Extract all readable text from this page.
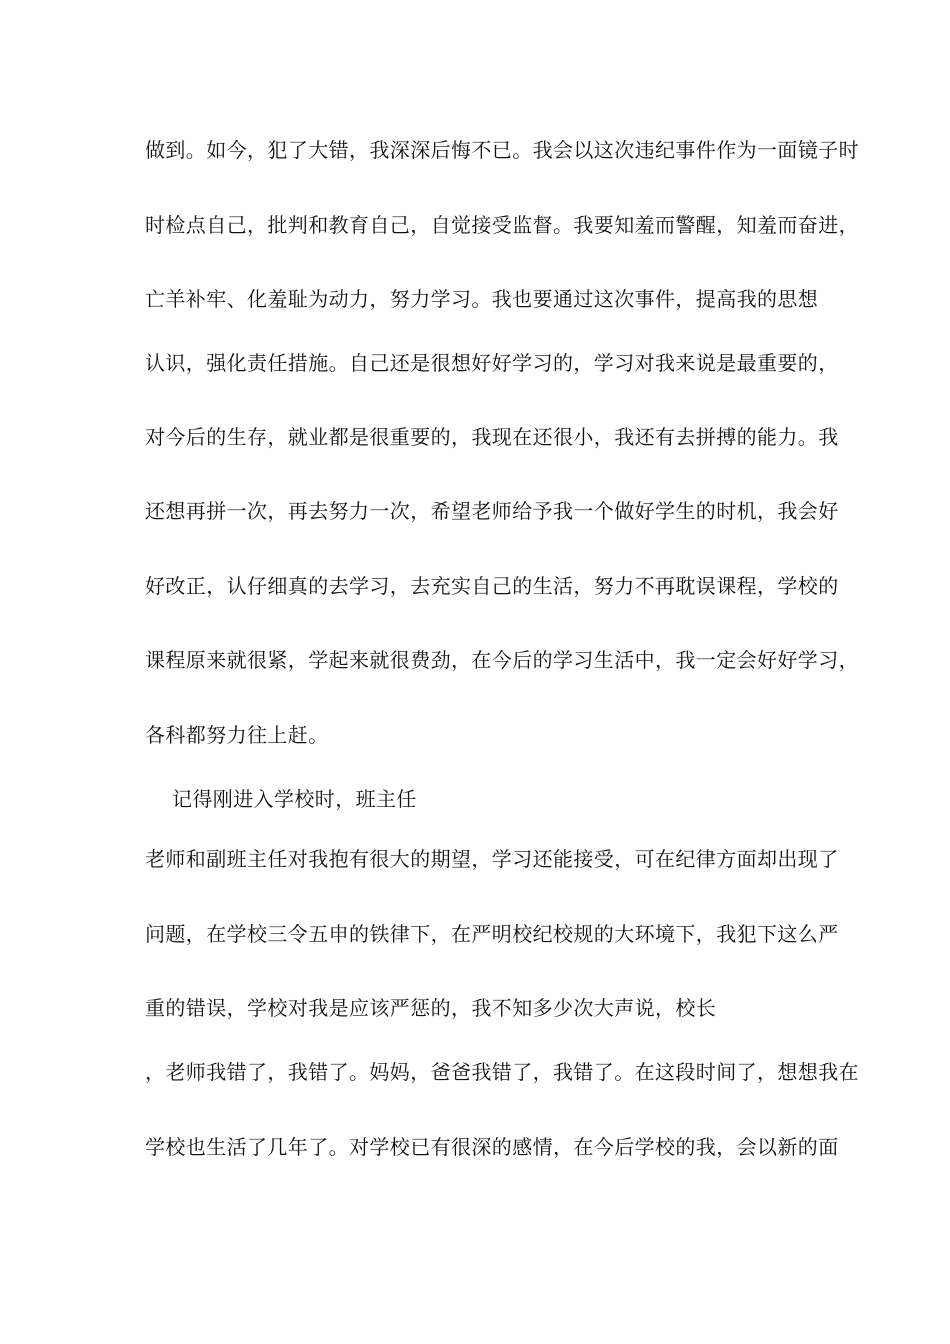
做到。如今，犯了大错，我深深后悔不已。我会以这次违纪事件作为一面镜子时
时检点自己，批判和教育自己，自觉接受监督。我要知羞而警醒，知羞而奋进，
亡羊补牢、化羞耻为动力，努力学习。我也要通过这次事件，提高我的思想
认识，强化责任措施。自己还是很想好好学习的，学习对我来说是最重要的，
对今后的生存，就业都是很重要的，我现在还很小，我还有去拼搏的能力。我
还想再拼一次，再去努力一次，希望老师给予我一个做好学生的时机，我会好
好改正，认仔细真的去学习，去充实自己的生活，努力不再耽误课程，学校的
课程原来就很紧，学起来就很费劲，在今后的学习生活中，我一定会好好学习，
各科都努力往上赶。
记得刚进入学校时，班主任
老师和副班主任对我抱有很大的期望，学习还能接受，可在纪律方面却出现了
问题，在学校三令五申的铁律下，在严明校纪校规的大环境下，我犯下这么严
重的错误，学校对我是应该严惩的，我不知多少次大声说，校长
，老师我错了，我错了。妈妈，爸爸我错了，我错了。在这段时间了，想想我在
学校也生活了几年了。对学校已有很深的感情，在今后学校的我，会以新的面
